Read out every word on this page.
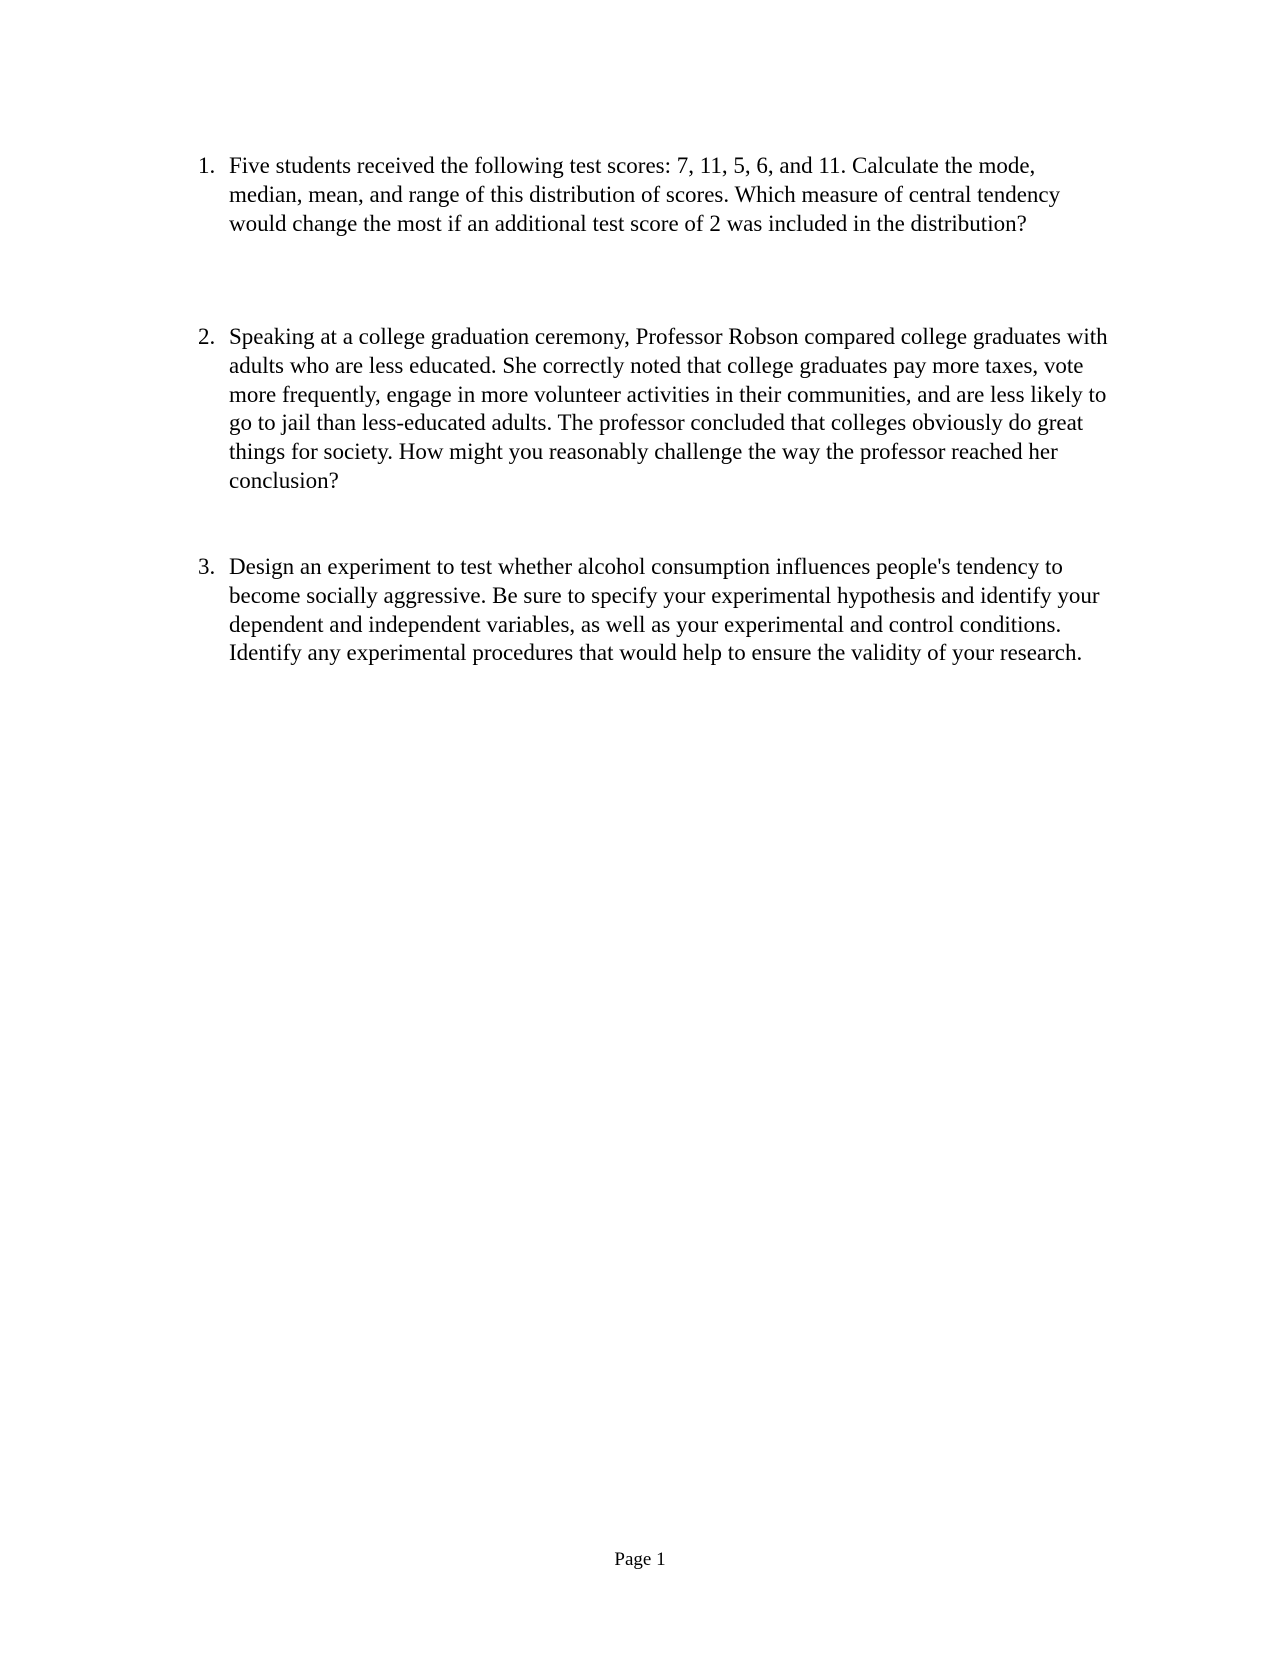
1. Five students received the following test scores: 7, 11, 5, 6, and 11. Calculate the mode, median, mean, and range of this distribution of scores. Which measure of central tendency would change the most if an additional test score of 2 was included in the distribution?
2. Speaking at a college graduation ceremony, Professor Robson compared college graduates with adults who are less educated. She correctly noted that college graduates pay more taxes, vote more frequently, engage in more volunteer activities in their communities, and are less likely to go to jail than less-educated adults. The professor concluded that colleges obviously do great things for society. How might you reasonably challenge the way the professor reached her conclusion?
3. Design an experiment to test whether alcohol consumption influences people's tendency to become socially aggressive. Be sure to specify your experimental hypothesis and identify your dependent and independent variables, as well as your experimental and control conditions. Identify any experimental procedures that would help to ensure the validity of your research.
Page 1
